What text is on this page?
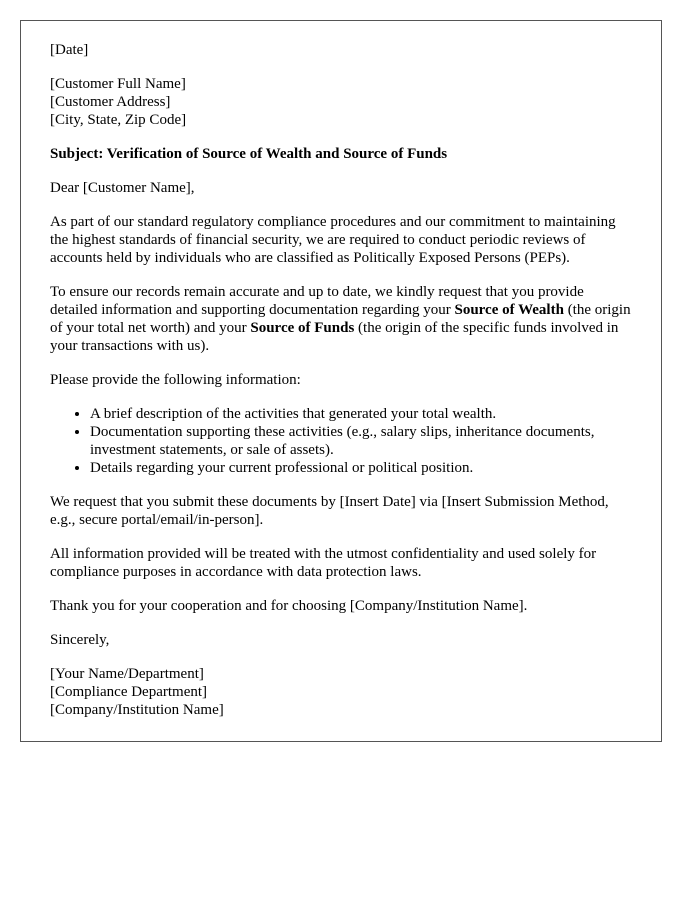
[Date]

[Customer Full Name]
[Customer Address]
[City, State, Zip Code]

Subject: Verification of Source of Wealth and Source of Funds

Dear [Customer Name],

As part of our standard regulatory compliance procedures and our commitment to maintaining the highest standards of financial security, we are required to conduct periodic reviews of accounts held by individuals who are classified as Politically Exposed Persons (PEPs).

To ensure our records remain accurate and up to date, we kindly request that you provide detailed information and supporting documentation regarding your Source of Wealth (the origin of your total net worth) and your Source of Funds (the origin of the specific funds involved in your transactions with us).

Please provide the following information:

• A brief description of the activities that generated your total wealth.
• Documentation supporting these activities (e.g., salary slips, inheritance documents, investment statements, or sale of assets).
• Details regarding your current professional or political position.

We request that you submit these documents by [Insert Date] via [Insert Submission Method, e.g., secure portal/email/in-person].

All information provided will be treated with the utmost confidentiality and used solely for compliance purposes in accordance with data protection laws.

Thank you for your cooperation and for choosing [Company/Institution Name].

Sincerely,

[Your Name/Department]
[Compliance Department]
[Company/Institution Name]
